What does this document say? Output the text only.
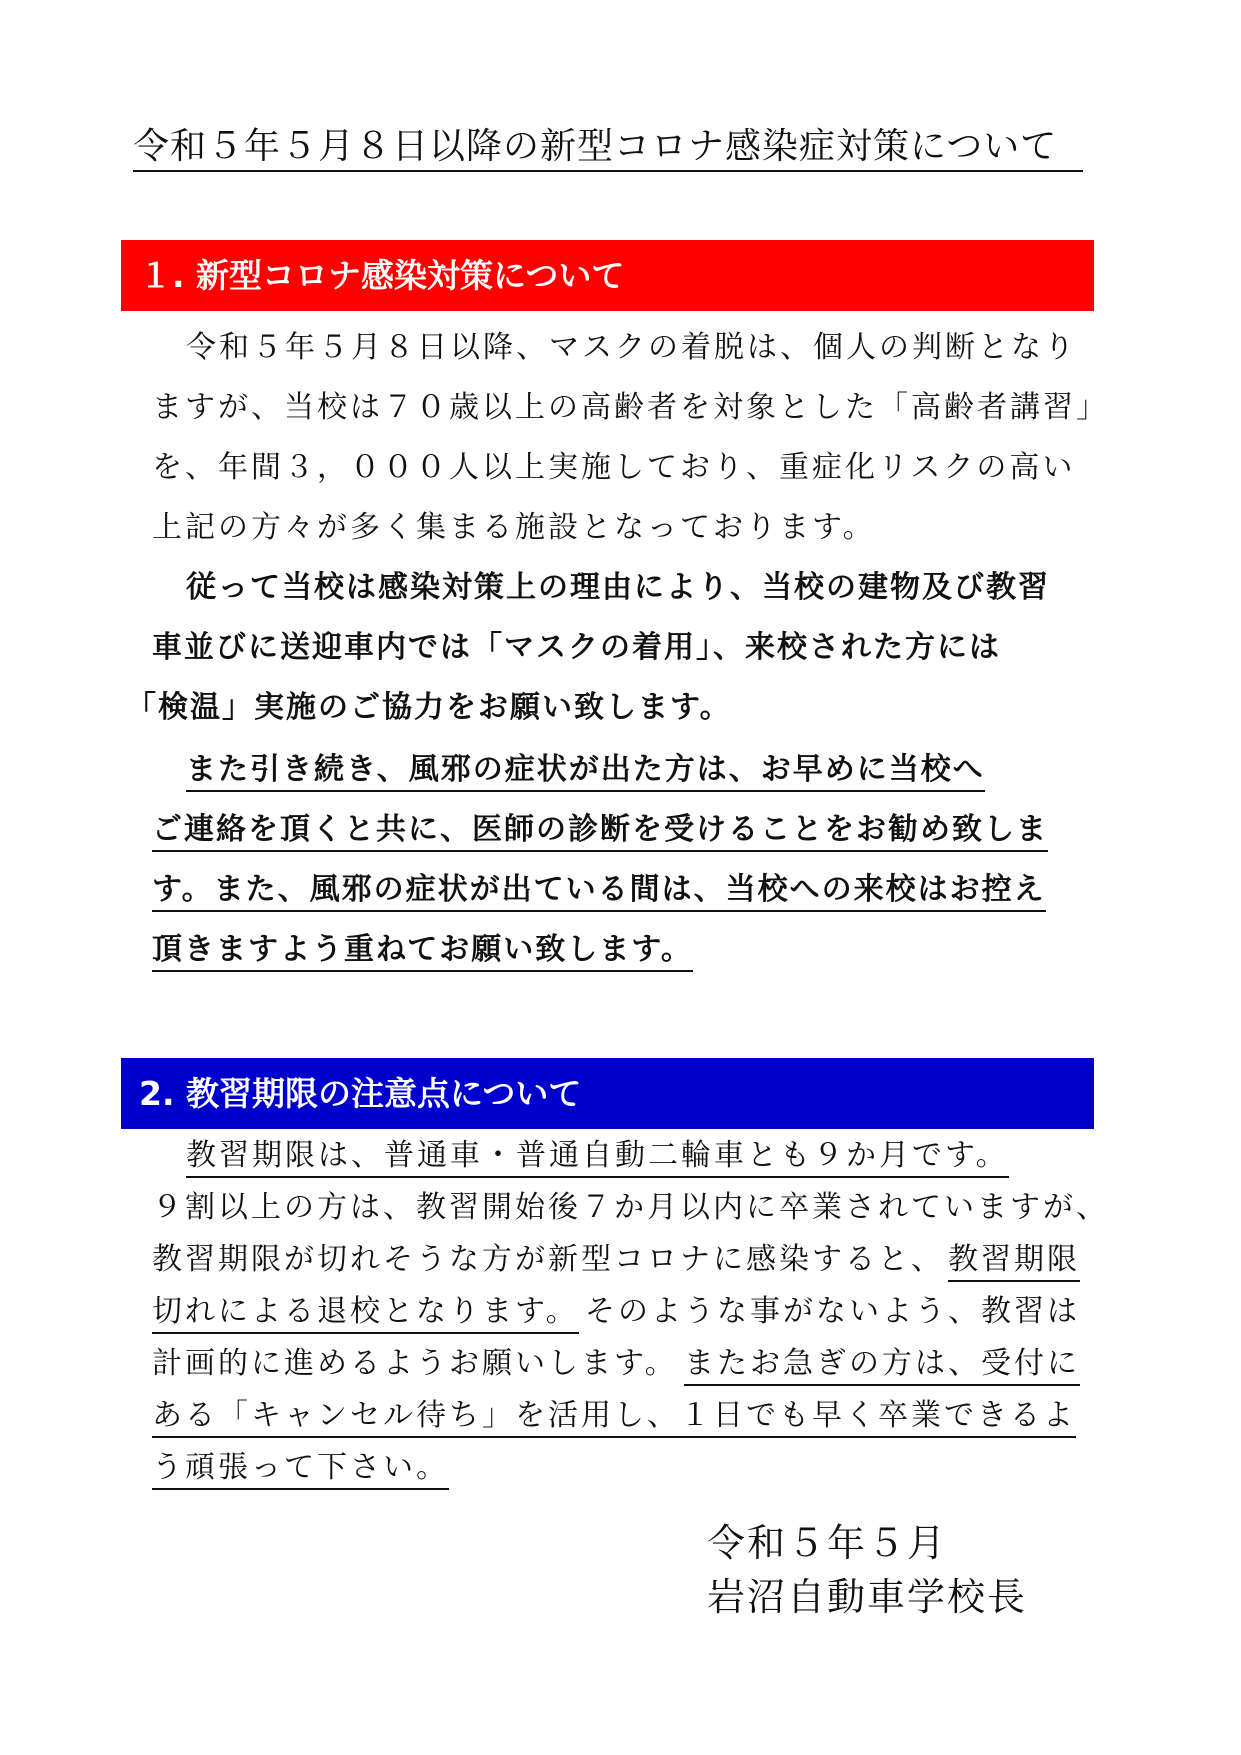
令和５年５月８日以降の新型コロナ感染症対策について
１. 新型コロナ感染対策について
令和５年５月８日以降、マスクの着脱は、個人の判断となり
ますが、当校は７０歳以上の高齢者を対象とした「高齢者講習」
を、年間３，０００人以上実施しており、重症化リスクの高い
上記の方々が多く集まる施設となっております。
従って当校は感染対策上の理由により、当校の建物及び教習
車並びに送迎車内では「マスクの着用」、来校された方には
「検温」実施のご協力をお願い致します。
また引き続き、風邪の症状が出た方は、お早めに当校へ
ご連絡を頂くと共に、医師の診断を受けることをお勧め致しま
す。また、風邪の症状が出ている間は、当校への来校はお控え
頂きますよう重ねてお願い致します。
2. 教習期限の注意点について
教習期限は、普通車・普通自動二輪車とも９か月です。
９割以上の方は、教習開始後７か月以内に卒業されていますが、
教習期限が切れそうな方が新型コロナに感染すると、 教習期限
切れによる退校となります。 そのような事がないよう、教習は
計画的に進めるようお願いします。 またお急ぎの方は、受付に
ある「キャンセル待ち」を活用し、１日でも早く卒業できるよ
う頑張って下さい。
令和５年５月
岩沼自動車学校長
